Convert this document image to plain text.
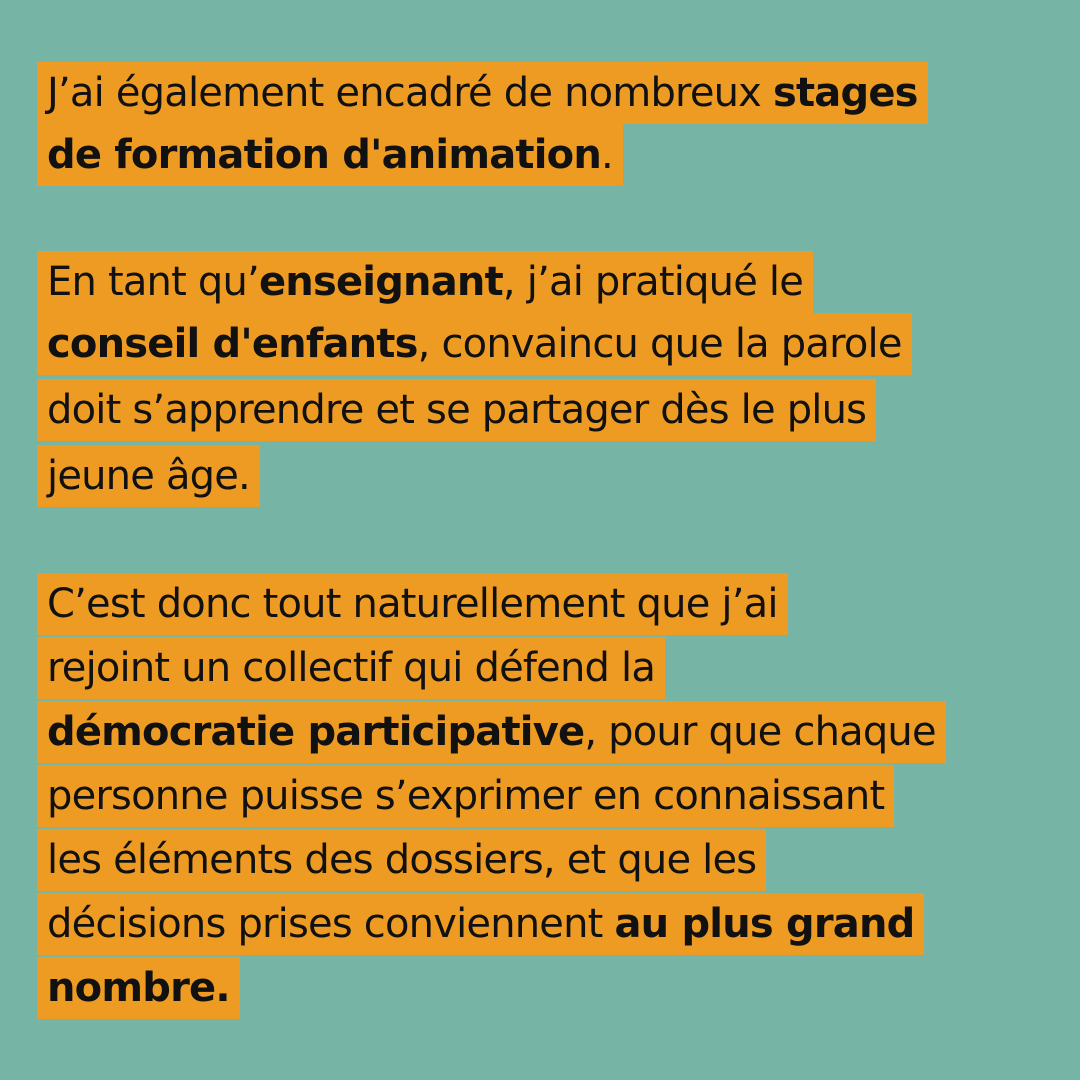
J’ai également encadré de nombreux stages
de formation d'animation.
En tant qu’enseignant, j’ai pratiqué le
conseil d'enfants, convaincu que la parole
doit s’apprendre et se partager dès le plus
jeune âge.
C’est donc tout naturellement que j’ai
rejoint un collectif qui défend la
démocratie participative, pour que chaque
personne puisse s’exprimer en connaissant
les éléments des dossiers, et que les
décisions prises conviennent au plus grand
nombre.
